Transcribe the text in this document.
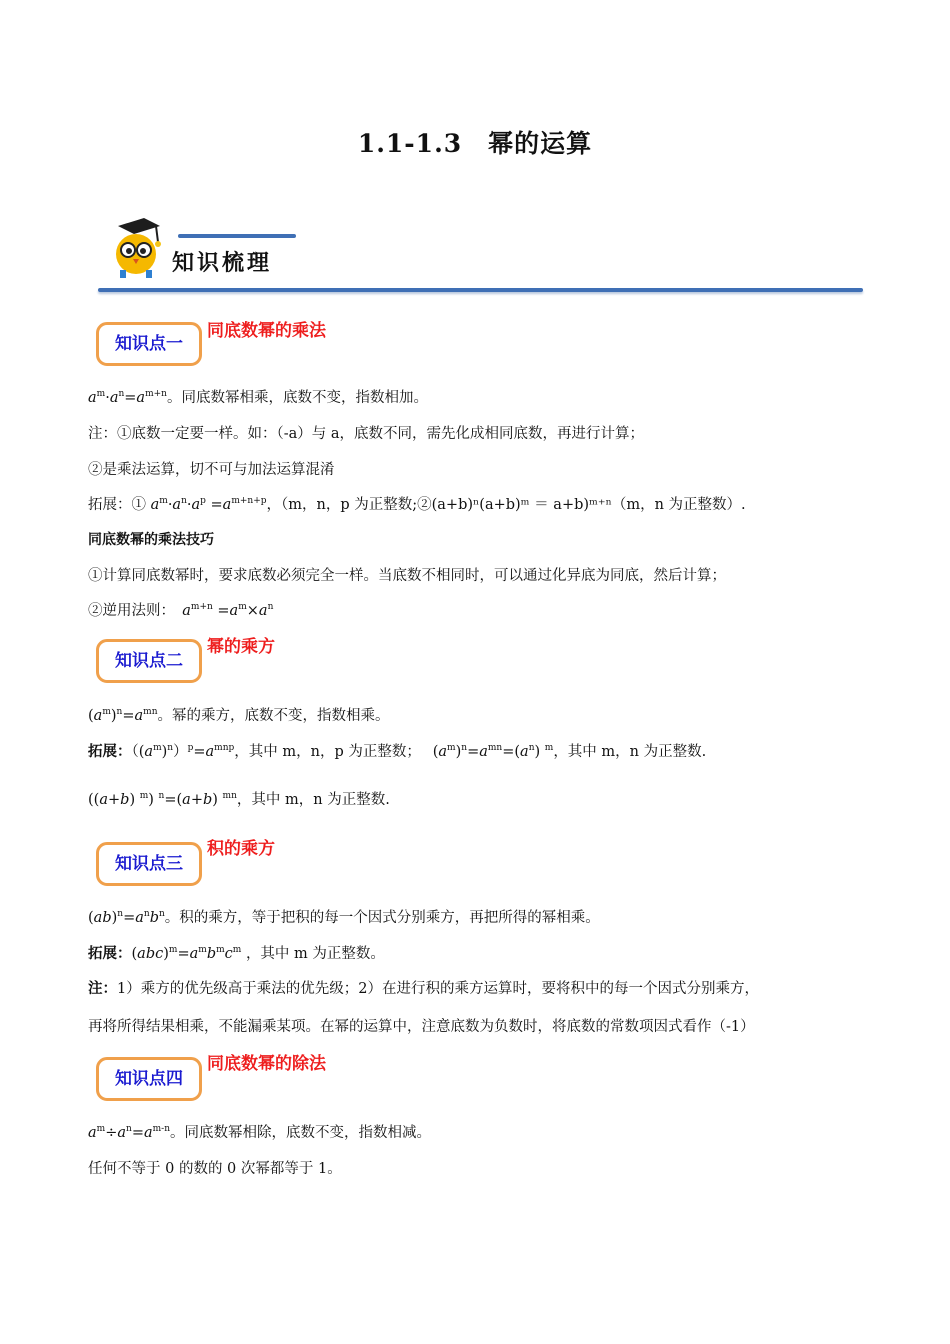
1.1-1.3　幂的运算
知识梳理
知识点一
同底数幂的乘法
$a^m\cdot a^n=a^{m+n}$。同底数幂相乘，底数不变，指数相加。
注：①底数一定要一样。如：（-a）与 a，底数不同，需先化成相同底数，再进行计算；
②是乘法运算，切不可与加法运算混淆
拓展：① $a^m\cdot a^n\cdot a^p =a^{m+n+p}$，（m，n，p 为正整数;②(a+b)ⁿ(a+b)ᵐ ＝ a+b)ᵐ⁺ⁿ（m，n 为正整数）.
同底数幂的乘法技巧
①计算同底数幂时，要求底数必须完全一样。当底数不相同时，可以通过化异底为同底，然后计算；
②逆用法则：　 $a^{m+n} =a^m\times a^n$
知识点二
幂的乘方
$(a^m)^n=a^{mn}$。幂的乘方，底数不变，指数相乘。
拓展：$((a^m)^n)^p=a^{mnp}$，其中 m，n，p 为正整数；　 $(a^m)^n=a^{mn}=(a^n)$ $^m$，其中 m，n 为正整数.
((a+b) $^m$) $^n$=(a+b) $^{mn}$，其中 m，n 为正整数.
知识点三
积的乘方
$(ab)^n=a^nb^n$。积的乘方，等于把积的每一个因式分别乘方，再把所得的幂相乘。
拓展：$(abc)^m=a^mb^mc^m$ ，其中 m 为正整数。
注：1）乘方的优先级高于乘法的优先级；2）在进行积的乘方运算时，要将积中的每一个因式分别乘方，
再将所得结果相乘，不能漏乘某项。在幂的运算中，注意底数为负数时，将底数的常数项因式看作（-1）
知识点四
同底数幂的除法
$a^m\div a^n=a^{m-n}$。同底数幂相除，底数不变，指数相减。
任何不等于 0 的数的 0 次幂都等于 1。
